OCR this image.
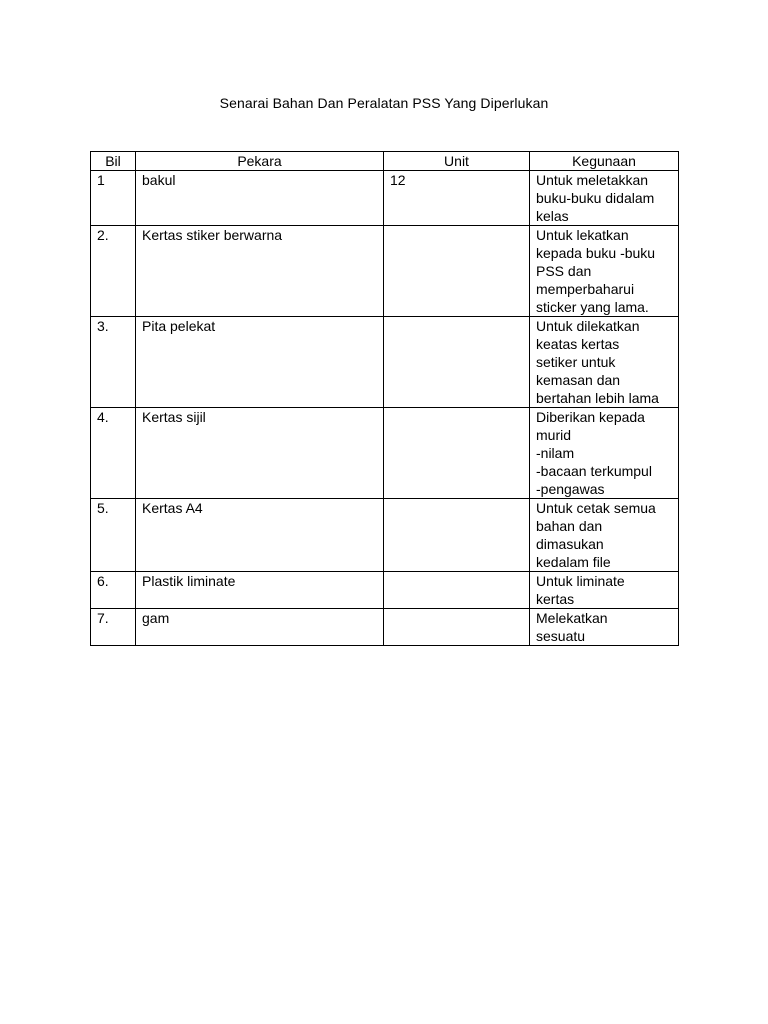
Senarai Bahan Dan Peralatan PSS Yang Diperlukan
Bil	Pekara	Unit	Kegunaan
1	bakul	12	Untuk meletakkan
buku-buku didalam
kelas
2.	Kertas stiker berwarna		Untuk lekatkan
kepada buku -buku
PSS dan
memperbaharui
sticker yang lama.
3.	Pita pelekat		Untuk dilekatkan
keatas kertas
setiker untuk
kemasan dan
bertahan lebih lama
4.	Kertas sijil		Diberikan kepada
murid
-nilam
-bacaan terkumpul
-pengawas
5.	Kertas A4		Untuk cetak semua
bahan dan
dimasukan
kedalam file
6.	Plastik liminate		Untuk liminate
kertas
7.	gam		Melekatkan
sesuatu
